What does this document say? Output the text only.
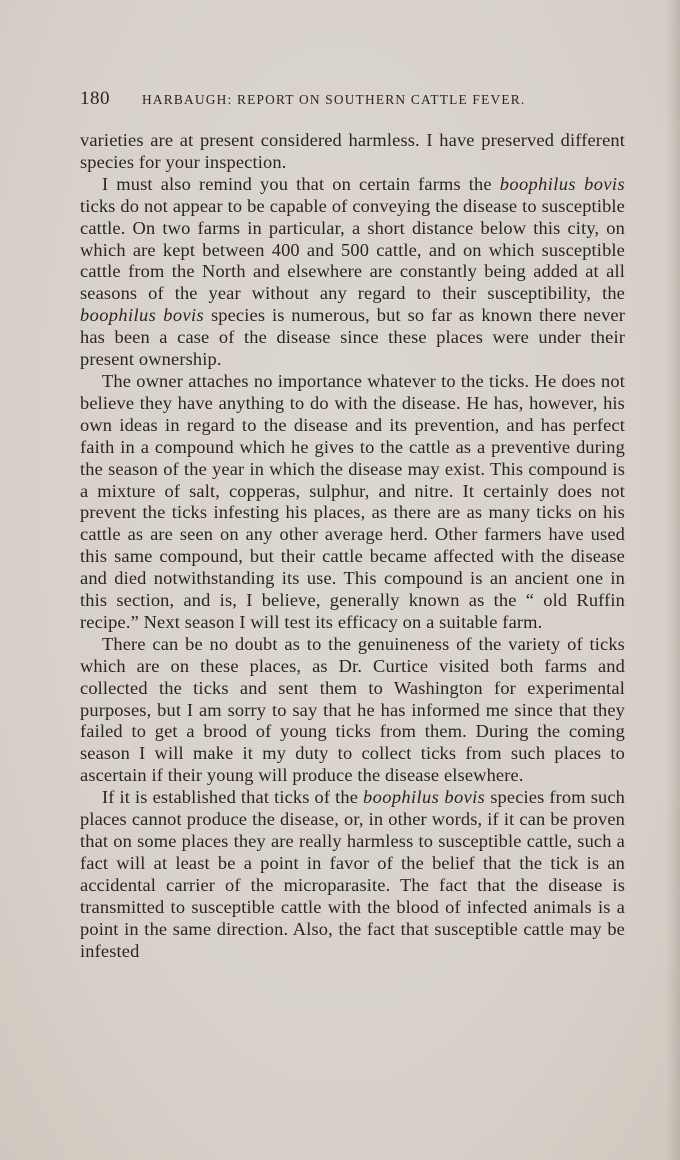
180 HARBAUGH: REPORT ON SOUTHERN CATTLE FEVER.

varieties are at present considered harmless. I have preserved different species for your inspection.

I must also remind you that on certain farms the boophilus bovis ticks do not appear to be capable of conveying the disease to susceptible cattle. On two farms in particular, a short distance below this city, on which are kept between 400 and 500 cattle, and on which susceptible cattle from the North and elsewhere are constantly being added at all seasons of the year without any regard to their susceptibility, the boophilus bovis species is numerous, but so far as known there never has been a case of the disease since these places were under their present ownership.

The owner attaches no importance whatever to the ticks. He does not believe they have anything to do with the disease. He has, however, his own ideas in regard to the disease and its prevention, and has perfect faith in a compound which he gives to the cattle as a preventive during the season of the year in which the disease may exist. This compound is a mixture of salt, copperas, sulphur, and nitre. It certainly does not prevent the ticks infesting his places, as there are as many ticks on his cattle as are seen on any other average herd. Other farmers have used this same compound, but their cattle became affected with the disease and died notwithstanding its use. This compound is an ancient one in this section, and is, I believe, generally known as the “ old Ruffin recipe.” Next season I will test its efficacy on a suitable farm.

There can be no doubt as to the genuineness of the variety of ticks which are on these places, as Dr. Curtice visited both farms and collected the ticks and sent them to Washington for experimental purposes, but I am sorry to say that he has informed me since that they failed to get a brood of young ticks from them. During the coming season I will make it my duty to collect ticks from such places to ascertain if their young will produce the disease elsewhere.

If it is established that ticks of the boophilus bovis species from such places cannot produce the disease, or, in other words, if it can be proven that on some places they are really harmless to susceptible cattle, such a fact will at least be a point in favor of the belief that the tick is an accidental carrier of the microparasite. The fact that the disease is transmitted to susceptible cattle with the blood of infected animals is a point in the same direction. Also, the fact that susceptible cattle may be infested
